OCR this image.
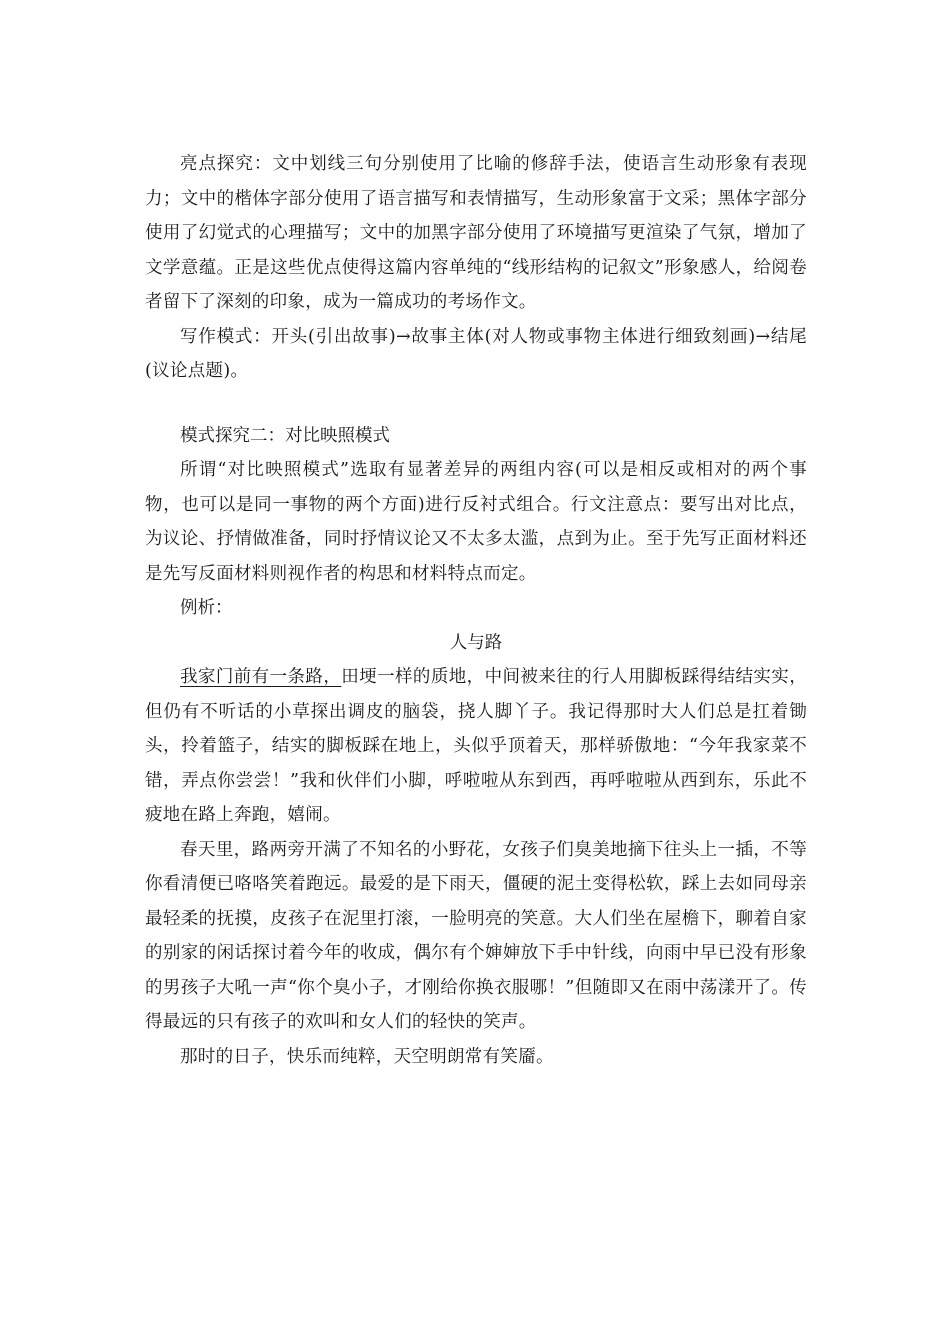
亮点探究：文中划线三句分别使用了比喻的修辞手法，使语言生动形象有表现力；文中的楷体字部分使用了语言描写和表情描写，生动形象富于文采；黑体字部分使用了幻觉式的心理描写；文中的加黑字部分使用了环境描写更渲染了气氛，增加了文学意蕴。正是这些优点使得这篇内容单纯的“线形结构的记叙文”形象感人，给阅卷者留下了深刻的印象，成为一篇成功的考场作文。

写作模式：开头(引出故事)→故事主体(对人物或事物主体进行细致刻画)→结尾(议论点题)。

模式探究二：对比映照模式

所谓“对比映照模式”选取有显著差异的两组内容(可以是相反或相对的两个事物，也可以是同一事物的两个方面)进行反衬式组合。行文注意点：要写出对比点，为议论、抒情做准备，同时抒情议论又不太多太滥，点到为止。至于先写正面材料还是先写反面材料则视作者的构思和材料特点而定。

例析：

人与路

我家门前有一条路，田埂一样的质地，中间被来往的行人用脚板踩得结结实实，但仍有不听话的小草探出调皮的脑袋，挠人脚丫子。我记得那时大人们总是扛着锄头，拎着篮子，结实的脚板踩在地上，头似乎顶着天，那样骄傲地：“今年我家菜不错，弄点你尝尝！”我和伙伴们小脚，呼啦啦从东到西，再呼啦啦从西到东，乐此不疲地在路上奔跑，嬉闹。

春天里，路两旁开满了不知名的小野花，女孩子们臭美地摘下往头上一插，不等你看清便已咯咯笑着跑远。最爱的是下雨天，僵硬的泥土变得松软，踩上去如同母亲最轻柔的抚摸，皮孩子在泥里打滚，一脸明亮的笑意。大人们坐在屋檐下，聊着自家的别家的闲话探讨着今年的收成，偶尔有个婶婶放下手中针线，向雨中早已没有形象的男孩子大吼一声“你个臭小子，才刚给你换衣服哪！”但随即又在雨中荡漾开了。传得最远的只有孩子的欢叫和女人们的轻快的笑声。

那时的日子，快乐而纯粹，天空明朗常有笑靥。
